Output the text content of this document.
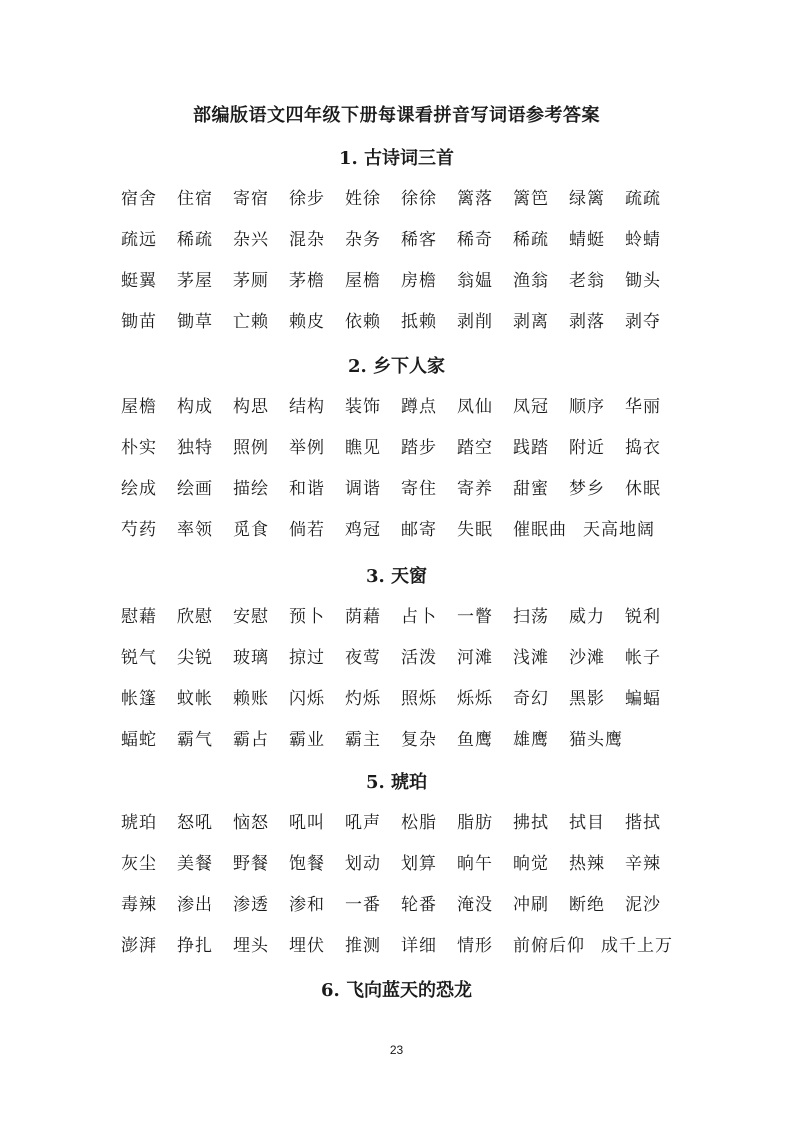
部编版语文四年级下册每课看拼音写词语参考答案
1. 古诗词三首
宿舍 住宿 寄宿 徐步 姓徐 徐徐 篱落 篱笆 绿篱 疏疏
疏远 稀疏 杂兴 混杂 杂务 稀客 稀奇 稀疏 蜻蜓 蛉蜻
蜓翼 茅屋 茅厕 茅檐 屋檐 房檐 翁媪 渔翁 老翁 锄头
锄苗 锄草 亡赖 赖皮 依赖 抵赖 剥削 剥离 剥落 剥夺
2. 乡下人家
屋檐 构成 构思 结构 装饰 蹲点 凤仙 凤冠 顺序 华丽
朴实 独特 照例 举例 瞧见 踏步 踏空 践踏 附近 捣衣
绘成 绘画 描绘 和谐 调谐 寄住 寄养 甜蜜 梦乡 休眠
芍药 率领 觅食 倘若 鸡冠 邮寄 失眠 催眠曲 天高地阔
3. 天窗
慰藉 欣慰 安慰 预卜 荫藉 占卜 一瞥 扫荡 威力 锐利
锐气 尖锐 玻璃 掠过 夜莺 活泼 河滩 浅滩 沙滩 帐子
帐篷 蚊帐 赖账 闪烁 灼烁 照烁 烁烁 奇幻 黑影 蝙蝠
蝠蛇 霸气 霸占 霸业 霸主 复杂 鱼鹰 雄鹰 猫头鹰
5. 琥珀
琥珀 怒吼 恼怒 吼叫 吼声 松脂 脂肪 拂拭 拭目 揩拭
灰尘 美餐 野餐 饱餐 划动 划算 晌午 晌觉 热辣 辛辣
毒辣 渗出 渗透 渗和 一番 轮番 淹没 冲刷 断绝 泥沙
澎湃 挣扎 埋头 埋伏 推测 详细 情形 前俯后仰 成千上万
6. 飞向蓝天的恐龙
23
